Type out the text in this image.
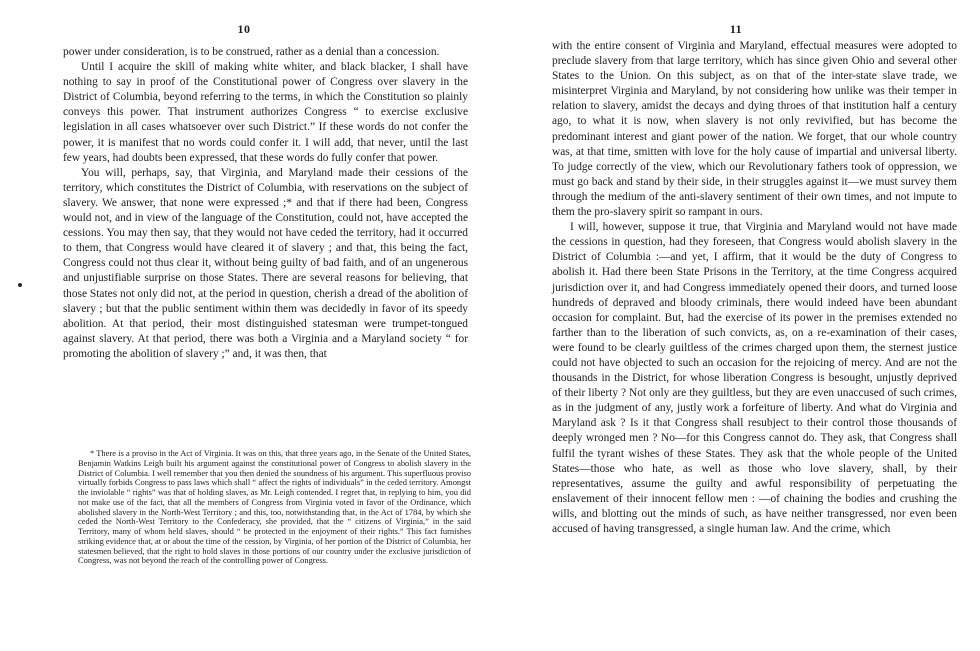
10

power under consideration, is to be construed, rather as a denial than a concession.

Until I acquire the skill of making white whiter, and black blacker, I shall have nothing to say in proof of the Constitutional power of Congress over slavery in the District of Columbia, beyond referring to the terms, in which the Constitution so plainly conveys this power. That instrument authorizes Congress “ to exercise exclusive legislation in all cases whatsoever over such District.” If these words do not confer the power, it is manifest that no words could confer it. I will add, that never, until the last few years, had doubts been expressed, that these words do fully confer that power.

You will, perhaps, say, that Virginia, and Maryland made their cessions of the territory, which constitutes the District of Columbia, with reservations on the subject of slavery. We answer, that none were expressed ;* and that if there had been, Congress would not, and in view of the language of the Constitution, could not, have accepted the cessions. You may then say, that they would not have ceded the territory, had it occurred to them, that Congress would have cleared it of slavery ; and that, this being the fact, Congress could not thus clear it, without being guilty of bad faith, and of an ungenerous and unjustifiable surprise on those States. There are several reasons for believing, that those States not only did not, at the period in question, cherish a dread of the abolition of slavery ; but that the public sentiment within them was decidedly in favor of its speedy abolition. At that period, their most distinguished statesman were trumpet-tongued against slavery. At that period, there was both a Virginia and a Maryland society “ for promoting the abolition of slavery ;” and, it was then, that

* There is a proviso in the Act of Virginia. It was on this, that three years ago, in the Senate of the United States, Benjamin Watkins Leigh built his argument against the constitutional power of Congress to abolish slavery in the District of Columbia. I well remember that you then denied the soundness of his argument. This superfluous proviso virtually forbids Congress to pass laws which shall “ affect the rights of individuals” in the ceded territory. Amongst the inviolable “ rights” was that of holding slaves, as Mr. Leigh contended. I regret that, in replying to him, you did not make use of the fact, that all the members of Congress from Virginia voted in favor of the Ordinance, which abolished slavery in the North-West Territory ; and this, too, notwithstanding that, in the Act of 1784, by which she ceded the North-West Territory to the Confederacy, she provided, that the “ citizens of Virginia,” in the said Territory, many of whom held slaves, should “ be protected in the enjoyment of their rights.” This fact furnishes striking evidence that, at or about the time of the cession, by Virginia, of her portion of the District of Columbia, her statesmen believed, that the right to hold slaves in those portions of our country under the exclusive jurisdiction of Congress, was not beyond the reach of the controlling power of Congress.

11

with the entire consent of Virginia and Maryland, effectual measures were adopted to preclude slavery from that large territory, which has since given Ohio and several other States to the Union. On this subject, as on that of the inter-state slave trade, we misinterpret Virginia and Maryland, by not considering how unlike was their temper in relation to slavery, amidst the decays and dying throes of that institution half a century ago, to what it is now, when slavery is not only revivified, but has become the predominant interest and giant power of the nation. We forget, that our whole country was, at that time, smitten with love for the holy cause of impartial and universal liberty. To judge correctly of the view, which our Revolutionary fathers took of oppression, we must go back and stand by their side, in their struggles against it—we must survey them through the medium of the anti-slavery sentiment of their own times, and not impute to them the pro-slavery spirit so rampant in ours.

I will, however, suppose it true, that Virginia and Maryland would not have made the cessions in question, had they foreseen, that Congress would abolish slavery in the District of Columbia :—and yet, I affirm, that it would be the duty of Congress to abolish it. Had there been State Prisons in the Territory, at the time Congress acquired jurisdiction over it, and had Congress immediately opened their doors, and turned loose hundreds of depraved and bloody criminals, there would indeed have been abundant occasion for complaint. But, had the exercise of its power in the premises extended no farther than to the liberation of such convicts, as, on a re-examination of their cases, were found to be clearly guiltless of the crimes charged upon them, the sternest justice could not have objected to such an occasion for the rejoicing of mercy. And are not the thousands in the District, for whose liberation Congress is besought, unjustly deprived of their liberty ? Not only are they guiltless, but they are even unaccused of such crimes, as in the judgment of any, justly work a forfeiture of liberty. And what do Virginia and Maryland ask ? Is it that Congress shall resubject to their control those thousands of deeply wronged men ? No—for this Congress cannot do. They ask, that Congress shall fulfil the tyrant wishes of these States. They ask that the whole people of the United States—those who hate, as well as those who love slavery, shall, by their representatives, assume the guilty and awful responsibility of perpetuating the enslavement of their innocent fellow men : —of chaining the bodies and crushing the wills, and blotting out the minds of such, as have neither transgressed, nor even been accused of having transgressed, a single human law. And the crime, which
